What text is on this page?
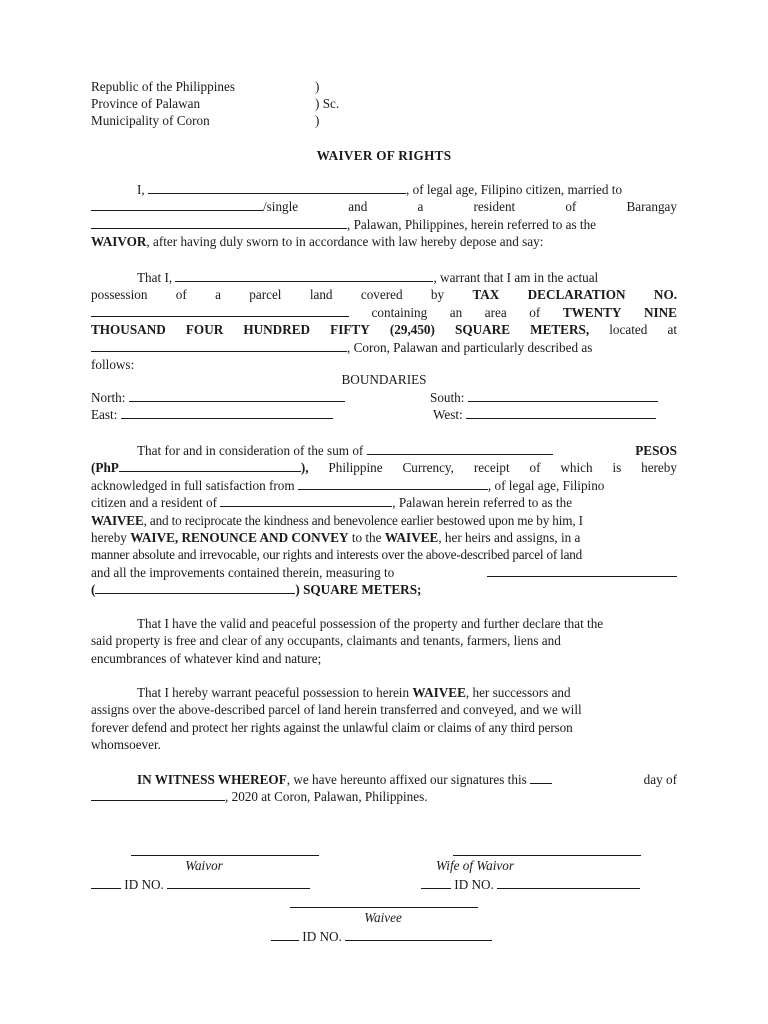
Republic of the Philippines	)
Province of Palawan	) Sc.
Municipality of Coron	)
WAIVER OF RIGHTS
I,	, of legal age, Filipino citizen, married to
/single	and	a	resident	of	Barangay
, Palawan, Philippines, herein referred to as the
WAIVOR, after having duly sworn to in accordance with law hereby depose and say:
That I,	, warrant that I am in the actual
possession of a parcel land covered by TAX DECLARATION NO.
containing an area of TWENTY NINE
THOUSAND FOUR HUNDRED FIFTY (29,450) SQUARE METERS, located at
, Coron, Palawan and particularly described as
follows:
BOUNDARIES
North:	South:
East:	West:
That for and in consideration of the sum of	PESOS
(PhP	), Philippine Currency, receipt of which is hereby
acknowledged in full satisfaction from	, of legal age, Filipino
citizen and a resident of	, Palawan herein referred to as the
WAIVEE, and to reciprocate the kindness and benevolence earlier bestowed upon me by him, I
hereby WAIVE, RENOUNCE AND CONVEY to the WAIVEE, her heirs and assigns, in a
manner absolute and irrevocable, our rights and interests over the above-described parcel of land
and all the improvements contained therein, measuring to
(	) SQUARE METERS;
That I have the valid and peaceful possession of the property and further declare that the
said property is free and clear of any occupants, claimants and tenants, farmers, liens and
encumbrances of whatever kind and nature;
That I hereby warrant peaceful possession to herein WAIVEE, her successors and
assigns over the above-described parcel of land herein transferred and conveyed, and we will
forever defend and protect her rights against the unlawful claim or claims of any third person
whomsoever.
IN WITNESS WHEREOF, we have hereunto affixed our signatures this	day of
, 2020 at Coron, Palawan, Philippines.
Waivor
ID NO.
Wife of Waivor
ID NO.
Waivee
ID NO.
